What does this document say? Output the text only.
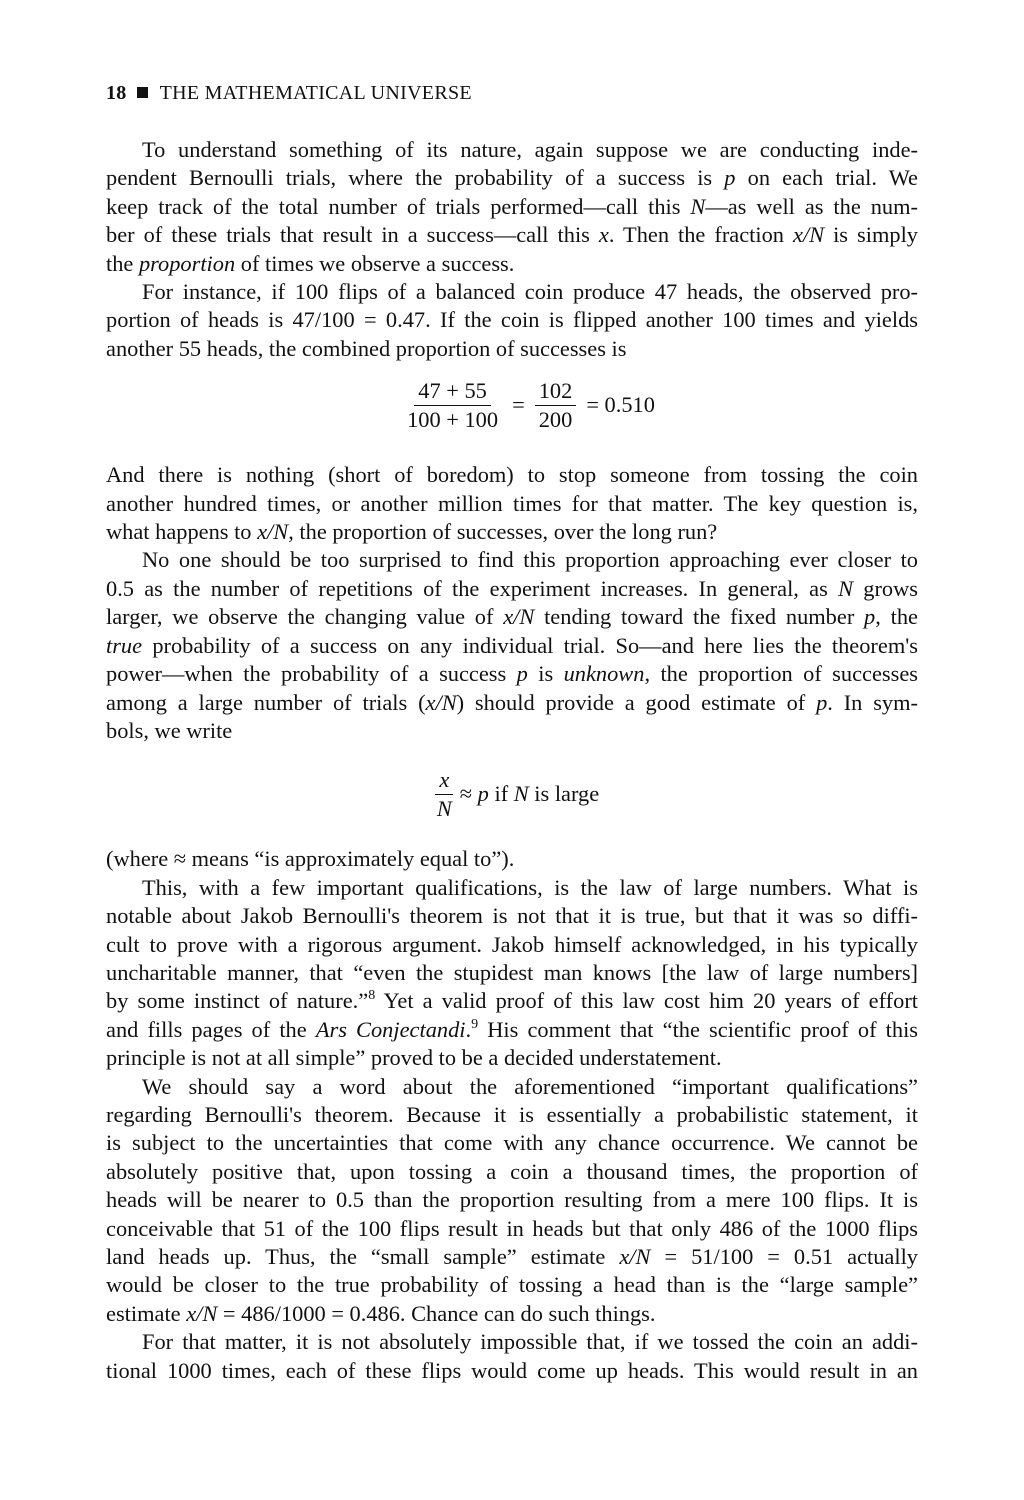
18 THE MATHEMATICAL UNIVERSE
To understand something of its nature, again suppose we are conducting inde-
pendent Bernoulli trials, where the probability of a success is p on each trial. We
keep track of the total number of trials performed—call this N—as well as the num-
ber of these trials that result in a success—call this x. Then the fraction x/N is simply
the proportion of times we observe a success.
For instance, if 100 flips of a balanced coin produce 47 heads, the observed pro-
portion of heads is 47/100 = 0.47. If the coin is flipped another 100 times and yields
another 55 heads, the combined proportion of successes is
$\frac{47 + 55}{100 + 100} = \frac{102}{200} = 0.510$
And there is nothing (short of boredom) to stop someone from tossing the coin
another hundred times, or another million times for that matter. The key question is,
what happens to x/N, the proportion of successes, over the long run?
No one should be too surprised to find this proportion approaching ever closer to
0.5 as the number of repetitions of the experiment increases. In general, as N grows
larger, we observe the changing value of x/N tending toward the fixed number p, the
true probability of a success on any individual trial. So—and here lies the theorem's
power—when the probability of a success p is unknown, the proportion of successes
among a large number of trials (x/N) should provide a good estimate of p. In sym-
bols, we write
$\frac{x}{N} \approx p$ if N is large
(where ≈ means “is approximately equal to”).
This, with a few important qualifications, is the law of large numbers. What is
notable about Jakob Bernoulli's theorem is not that it is true, but that it was so diffi-
cult to prove with a rigorous argument. Jakob himself acknowledged, in his typically
uncharitable manner, that “even the stupidest man knows [the law of large numbers]
by some instinct of nature.”$^8$ Yet a valid proof of this law cost him 20 years of effort
and fills pages of the Ars Conjectandi.$^9$ His comment that “the scientific proof of this
principle is not at all simple” proved to be a decided understatement.
We should say a word about the aforementioned “important qualifications”
regarding Bernoulli's theorem. Because it is essentially a probabilistic statement, it
is subject to the uncertainties that come with any chance occurrence. We cannot be
absolutely positive that, upon tossing a coin a thousand times, the proportion of
heads will be nearer to 0.5 than the proportion resulting from a mere 100 flips. It is
conceivable that 51 of the 100 flips result in heads but that only 486 of the 1000 flips
land heads up. Thus, the “small sample” estimate x/N = 51/100 = 0.51 actually
would be closer to the true probability of tossing a head than is the “large sample”
estimate x/N = 486/1000 = 0.486. Chance can do such things.
For that matter, it is not absolutely impossible that, if we tossed the coin an addi-
tional 1000 times, each of these flips would come up heads. This would result in an
